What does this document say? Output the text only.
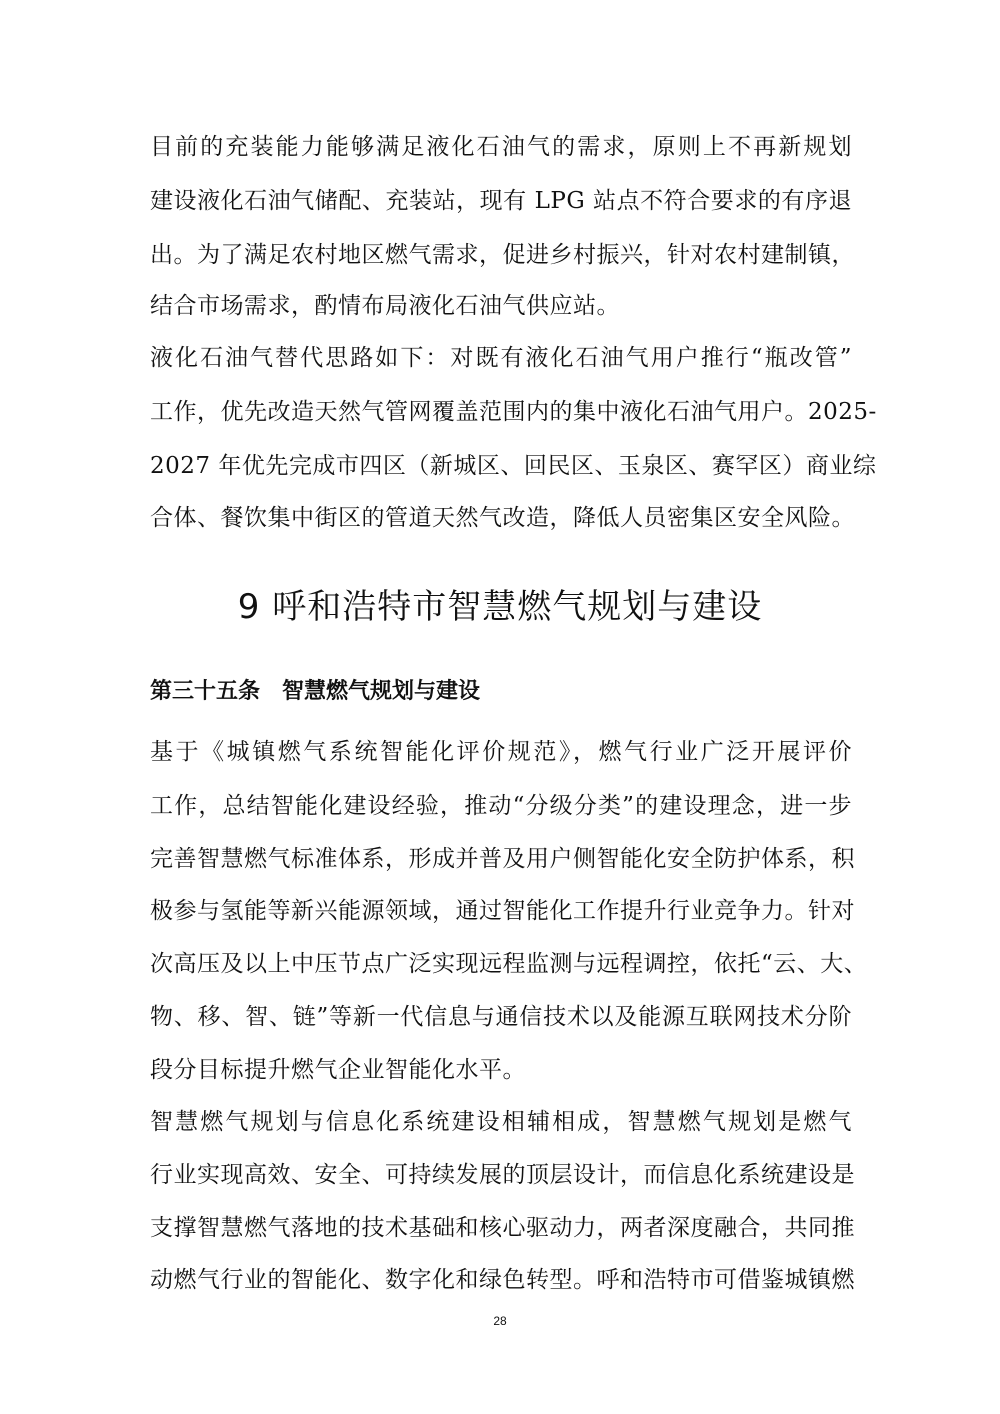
目前的充装能力能够满足液化石油气的需求，原则上不再新规划
建设液化石油气储配、充装站，现有 LPG 站点不符合要求的有序退
出。为了满足农村地区燃气需求，促进乡村振兴，针对农村建制镇，
结合市场需求，酌情布局液化石油气供应站。
液化石油气替代思路如下：对既有液化石油气用户推行“瓶改管”
工作，优先改造天然气管网覆盖范围内的集中液化石油气用户。2025-
2027 年优先完成市四区（新城区、回民区、玉泉区、赛罕区）商业综
合体、餐饮集中街区的管道天然气改造，降低人员密集区安全风险。
9 呼和浩特市智慧燃气规划与建设
第三十五条　智慧燃气规划与建设
基于《城镇燃气系统智能化评价规范》，燃气行业广泛开展评价
工作，总结智能化建设经验，推动“分级分类”的建设理念，进一步
完善智慧燃气标准体系，形成并普及用户侧智能化安全防护体系，积
极参与氢能等新兴能源领域，通过智能化工作提升行业竞争力。针对
次高压及以上中压节点广泛实现远程监测与远程调控，依托“云、大、
物、移、智、链”等新一代信息与通信技术以及能源互联网技术分阶
段分目标提升燃气企业智能化水平。
智慧燃气规划与信息化系统建设相辅相成，智慧燃气规划是燃气
行业实现高效、安全、可持续发展的顶层设计，而信息化系统建设是
支撑智慧燃气落地的技术基础和核心驱动力，两者深度融合，共同推
动燃气行业的智能化、数字化和绿色转型。呼和浩特市可借鉴城镇燃
28
